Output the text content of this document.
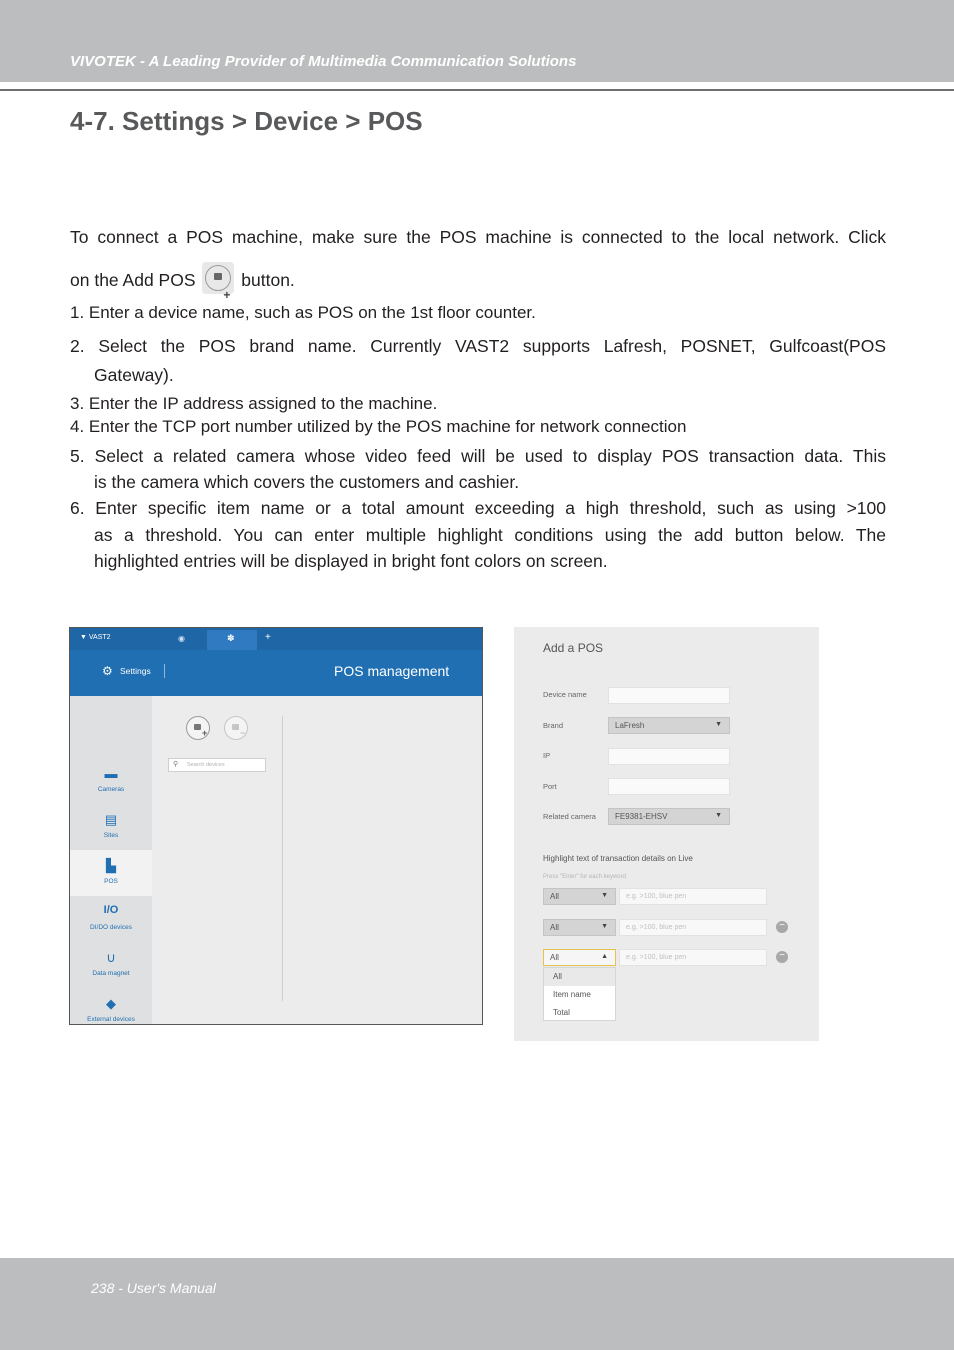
VIVOTEK - A Leading Provider of Multimedia Communication Solutions
4-7. Settings > Device > POS
To connect a POS machine, make sure the POS machine is connected to the local network. Click
on the Add POS
+
button.
1. Enter a device name, such as POS on the 1st floor counter.
2. Select the POS brand name. Currently VAST2 supports Lafresh, POSNET, Gulfcoast(POS
Gateway).
3. Enter the IP address assigned to the machine.
4. Enter the TCP port number utilized by the POS machine for network connection
5. Select a related camera whose video feed will be used to display POS transaction data. This
is the camera which covers the customers and cashier.
6. Enter specific item name or a total amount exceeding a high threshold, such as using >100
as a threshold. You can enter multiple highlight conditions using the add button below. The
highlighted entries will be displayed in bright font colors on screen.
▼ VAST2	◉	✽	+
⚙ Settings	POS management
▬
Cameras
▤
Sites
▙
POS
I/O
DI/DO devices
∪
Data magnet
◆
External devices
+	−
⚲ Search devices
Add a POS
Device name
Brand	LaFresh	▼
IP
Port
Related camera FE9381-EHSV	▼
Highlight text of transaction details on Live
Press "Enter" for each keyword
All	▼	e.g. >100, blue pen
All	▼	e.g. >100, blue pen	−
All	▲	e.g. >100, blue pen	−
All
Item name
Total
238 - User's Manual
